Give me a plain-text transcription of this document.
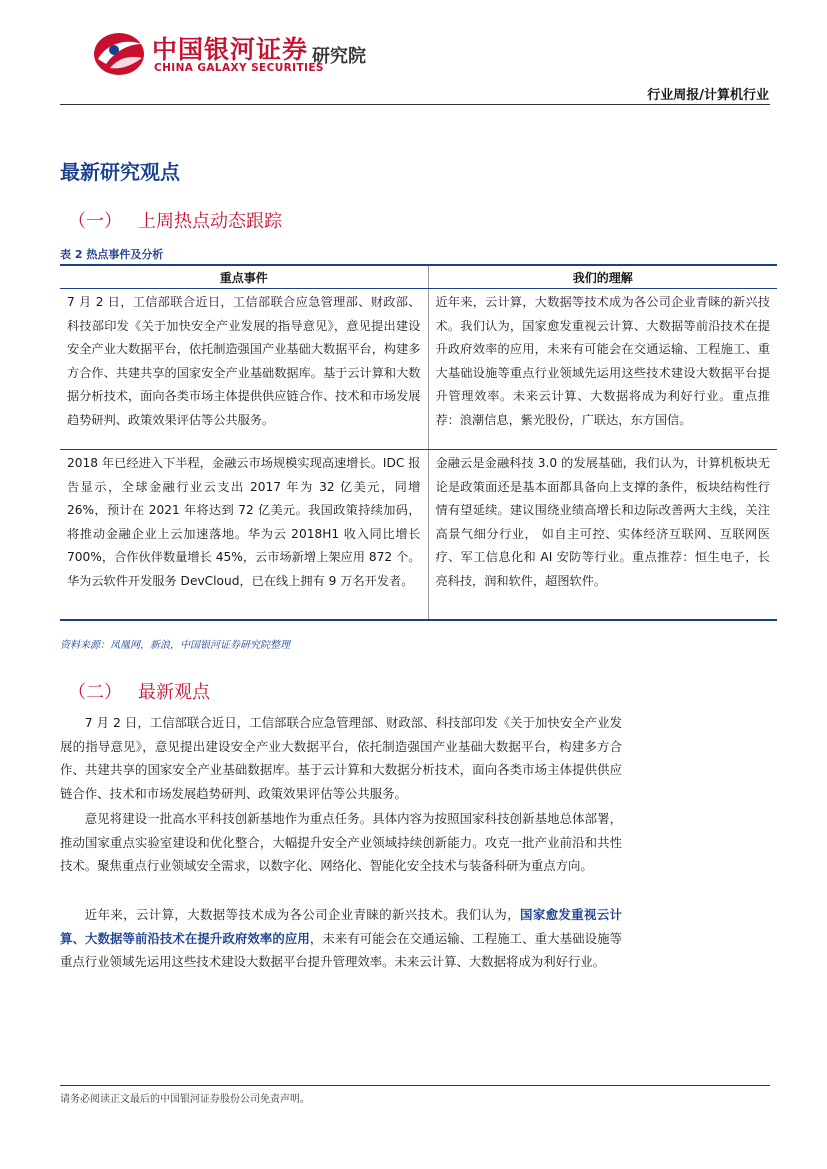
中国银河证券
CHINA GALAXY SECURITIES
研究院
行业周报/计算机行业
最新研究观点
（一） 上周热点动态跟踪
表 2 热点事件及分析
重点事件	我们的理解
7 月 2 日，工信部联合近日，工信部联合应急管理部、财政部、科技部印发《关于加快安全产业发展的指导意见》，意见提出建设安全产业大数据平台，依托制造强国产业基础大数据平台，构建多方合作、共建共享的国家安全产业基础数据库。基于云计算和大数据分析技术，面向各类市场主体提供供应链合作、技术和市场发展趋势研判、政策效果评估等公共服务。	近年来，云计算，大数据等技术成为各公司企业青睐的新兴技术。我们认为，国家愈发重视云计算、大数据等前沿技术在提升政府效率的应用，未来有可能会在交通运输、工程施工、重大基础设施等重点行业领域先运用这些技术建设大数据平台提升管理效率。未来云计算、大数据将成为利好行业。重点推荐：浪潮信息，紫光股份，广联达，东方国信。
2018 年已经进入下半程，金融云市场规模实现高速增长。IDC 报告显示，全球金融行业云支出 2017 年为 32 亿美元，同增 26%，预计在 2021 年将达到 72 亿美元。我国政策持续加码，将推动金融企业上云加速落地。华为云 2018H1 收入同比增长 700%，合作伙伴数量增长 45%，云市场新增上架应用 872 个。华为云软件开发服务 DevCloud，已在线上拥有 9 万名开发者。	金融云是金融科技 3.0 的发展基础，我们认为，计算机板块无论是政策面还是基本面都具备向上支撑的条件，板块结构性行情有望延续。建议围绕业绩高增长和边际改善两大主线，关注高景气细分行业， 如自主可控、实体经济互联网、互联网医疗、军工信息化和 AI 安防等行业。重点推荐：恒生电子，长亮科技，润和软件，超图软件。
资料来源：凤凰网，新浪，中国银河证券研究院整理
（二） 最新观点

7 月 2 日，工信部联合近日，工信部联合应急管理部、财政部、科技部印发《关于加快安全产业发展的指导意见》，意见提出建设安全产业大数据平台，依托制造强国产业基础大数据平台，构建多方合作、共建共享的国家安全产业基础数据库。基于云计算和大数据分析技术，面向各类市场主体提供供应链合作、技术和市场发展趋势研判、政策效果评估等公共服务。

意见将建设一批高水平科技创新基地作为重点任务。具体内容为按照国家科技创新基地总体部署，推动国家重点实验室建设和优化整合，大幅提升安全产业领域持续创新能力。攻克一批产业前沿和共性技术。聚焦重点行业领域安全需求，以数字化、网络化、智能化安全技术与装备科研为重点方向。

近年来，云计算，大数据等技术成为各公司企业青睐的新兴技术。我们认为，国家愈发重视云计算、大数据等前沿技术在提升政府效率的应用，未来有可能会在交通运输、工程施工、重大基础设施等重点行业领域先运用这些技术建设大数据平台提升管理效率。未来云计算、大数据将成为利好行业。

请务必阅读正文最后的中国银河证券股份公司免责声明。
